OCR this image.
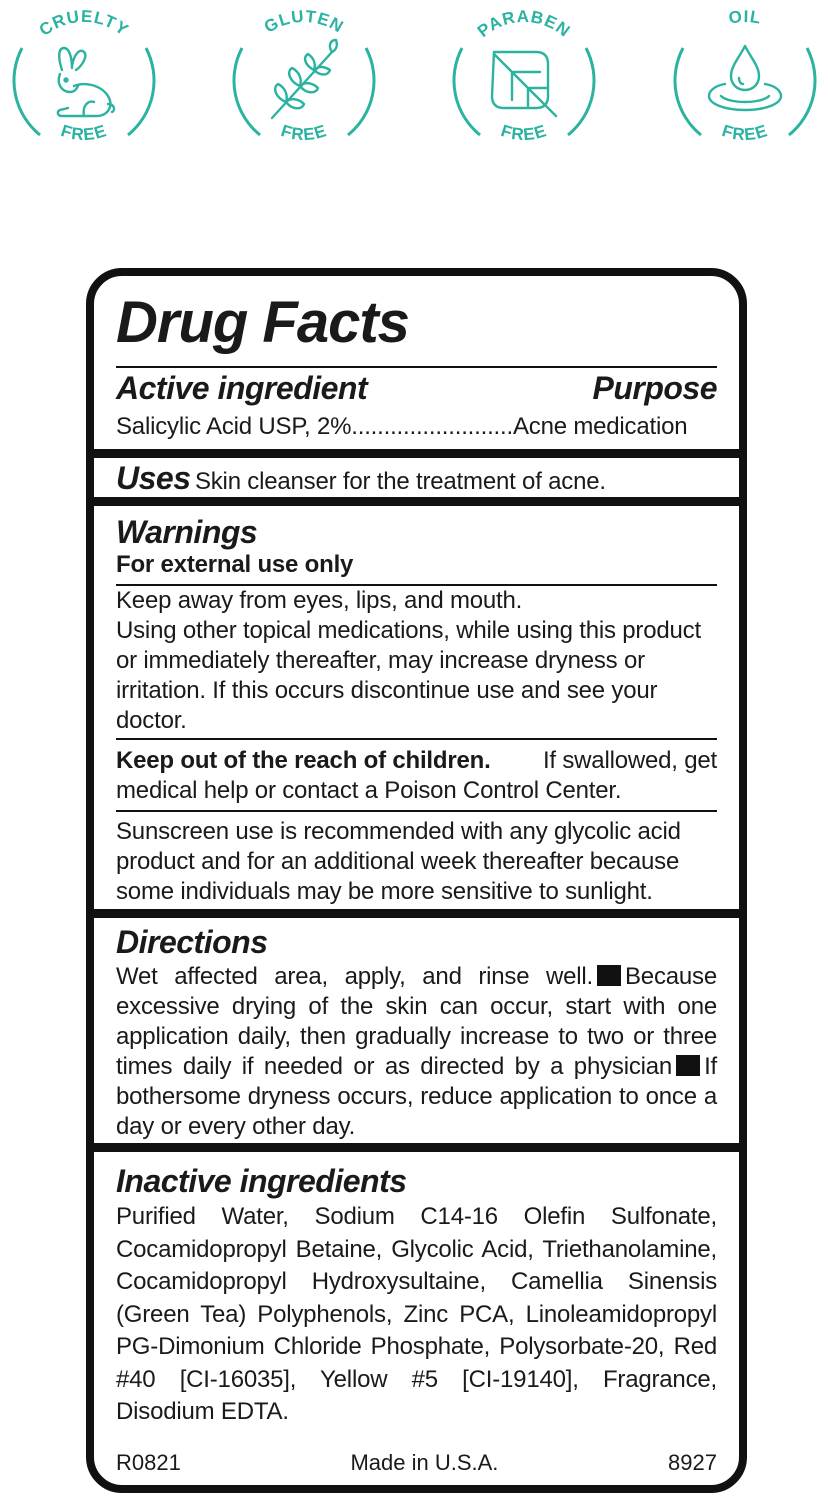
CRUELTY
FREE
GLUTEN
FREE
PARABEN
FREE
OIL
FREE
Drug Facts
Active ingredient	Purpose
Salicylic Acid USP, 2%.........................Acne medication
Uses Skin cleanser for the treatment of acne.
Warnings
For external use only
Keep away from eyes, lips, and mouth.
Using other topical medications, while using this product
or immediately thereafter, may increase dryness or
irritation. If this occurs discontinue use and see your
doctor.
Keep out of the reach of children. If swallowed, get
medical help or contact a Poison Control Center.
Sunscreen use is recommended with any glycolic acid
product and for an additional week thereafter because
some individuals may be more sensitive to sunlight.
Directions
Wet affected area, apply, and rinse well. Because excessive drying of the skin can occur, start with one application daily, then gradually increase to two or three times daily if needed or as directed by a physician If bothersome dryness occurs, reduce application to once a day or every other day.
Inactive ingredients
Purified Water, Sodium C14-16 Olefin Sulfonate, Cocamidopropyl Betaine, Glycolic Acid, Triethanolamine, Cocamidopropyl Hydroxysultaine, Camellia Sinensis (Green Tea) Polyphenols, Zinc PCA, Linoleamidopropyl PG-Dimonium Chloride Phosphate, Polysorbate-20, Red #40 [CI-16035], Yellow #5 [CI-19140], Fragrance, Disodium EDTA.
R0821	Made in U.S.A.	8927
